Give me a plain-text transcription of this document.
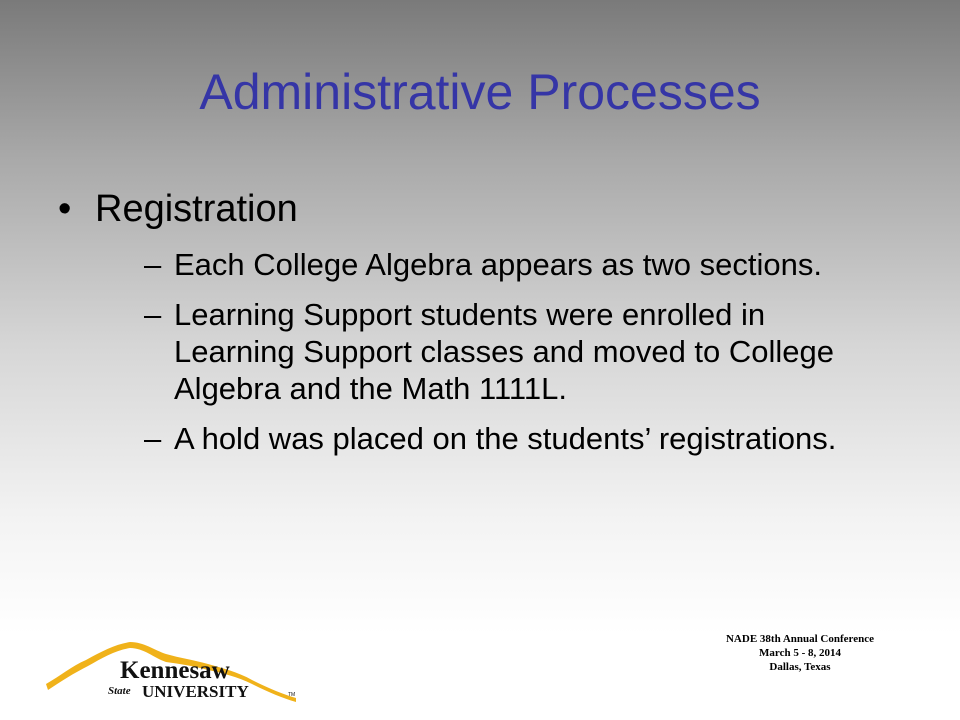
Administrative Processes
• Registration
– Each College Algebra appears as two sections.
– Learning Support students were enrolled in Learning Support classes and moved to College Algebra and the Math 1111L.
– A hold was placed on the students’ registrations.
NADE 38th Annual Conference
March 5 - 8, 2014
Dallas, Texas
Kennesaw
State UNIVERSITY	TM
